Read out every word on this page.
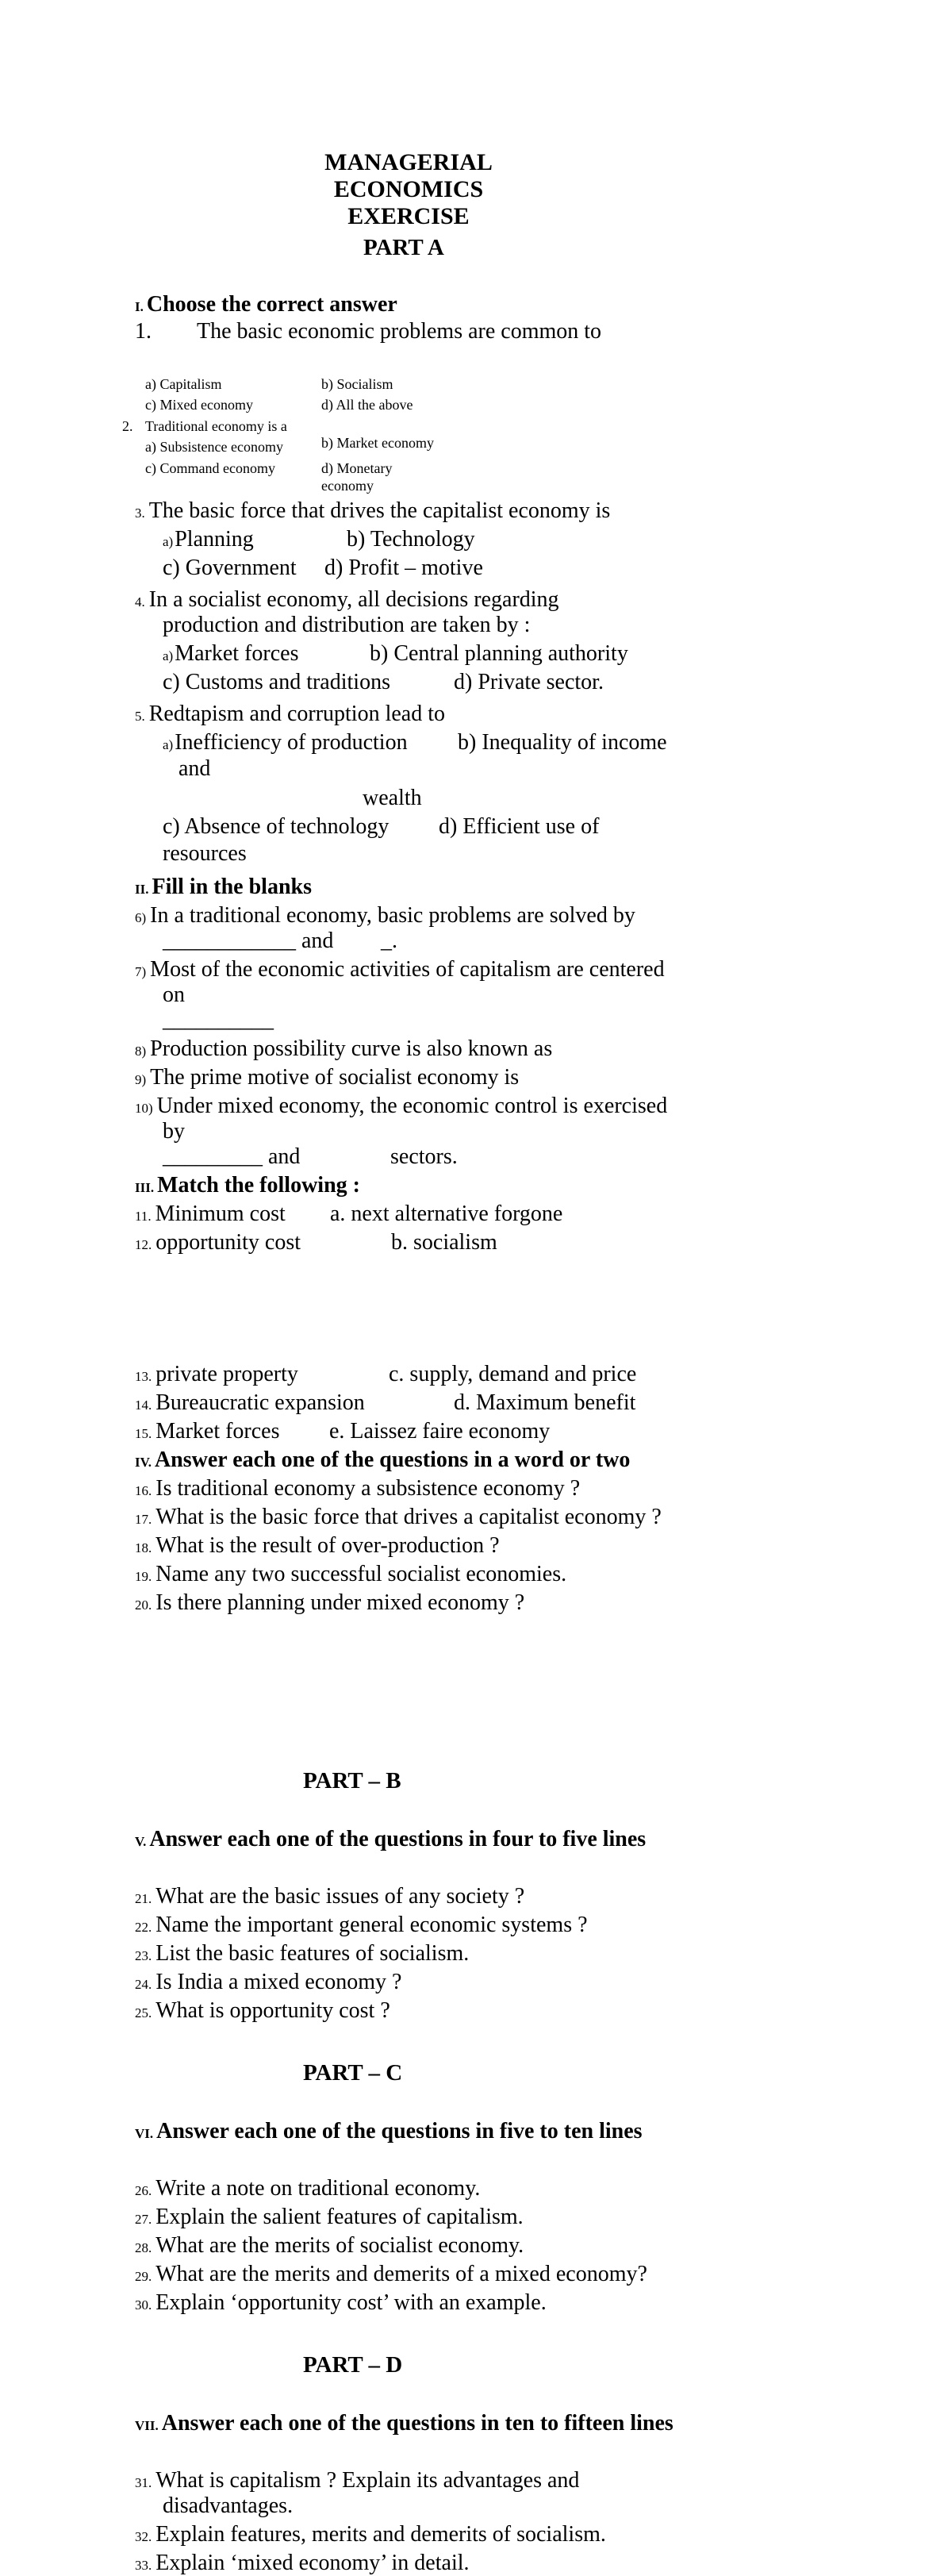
MANAGERIAL
ECONOMICS
EXERCISE
PART A
I. Choose the correct answer
1. The basic economic problems are common to
a) Capitalism	b) Socialism
c) Mixed economy	d) All the above
2. Traditional economy is a
a) Subsistence economy	b) Market economy
c) Command economy	d) Monetary
economy
3. The basic force that drives the capitalist economy is
a)Planning	b) Technology
c) Government d) Profit – motive
4. In a socialist economy, all decisions regarding
production and distribution are taken by :
a)Market forces	b) Central planning authority
c) Customs and traditions	d) Private sector.
5. Redtapism and corruption lead to
a)Inefficiency of production b) Inequality of income
and
wealth
c) Absence of technology d) Efficient use of
resources
II. Fill in the blanks
6) In a traditional economy, basic problems are solved by
____________ and _.
7) Most of the economic activities of capitalism are centered
on
__________
8) Production possibility curve is also known as
9) The prime motive of socialist economy is
10) Under mixed economy, the economic control is exercised
by
_________ and	sectors.
III. Match the following :
11. Minimum cost a. next alternative forgone
12. opportunity cost	b. socialism
13. private property	c. supply, demand and price
14. Bureaucratic expansion	d. Maximum benefit
15. Market forces e. Laissez faire economy
IV. Answer each one of the questions in a word or two
16. Is traditional economy a subsistence economy ?
17. What is the basic force that drives a capitalist economy ?
18. What is the result of over-production ?
19. Name any two successful socialist economies.
20. Is there planning under mixed economy ?
PART – B
V. Answer each one of the questions in four to five lines
21. What are the basic issues of any society ?
22. Name the important general economic systems ?
23. List the basic features of socialism.
24. Is India a mixed economy ?
25. What is opportunity cost ?
PART – C
VI. Answer each one of the questions in five to ten lines
26. Write a note on traditional economy.
27. Explain the salient features of capitalism.
28. What are the merits of socialist economy.
29. What are the merits and demerits of a mixed economy?
30. Explain ‘opportunity cost’ with an example.
PART – D
VII. Answer each one of the questions in ten to fifteen lines
31. What is capitalism ? Explain its advantages and
disadvantages.
32. Explain features, merits and demerits of socialism.
33. Explain ‘mixed economy’ in detail.
